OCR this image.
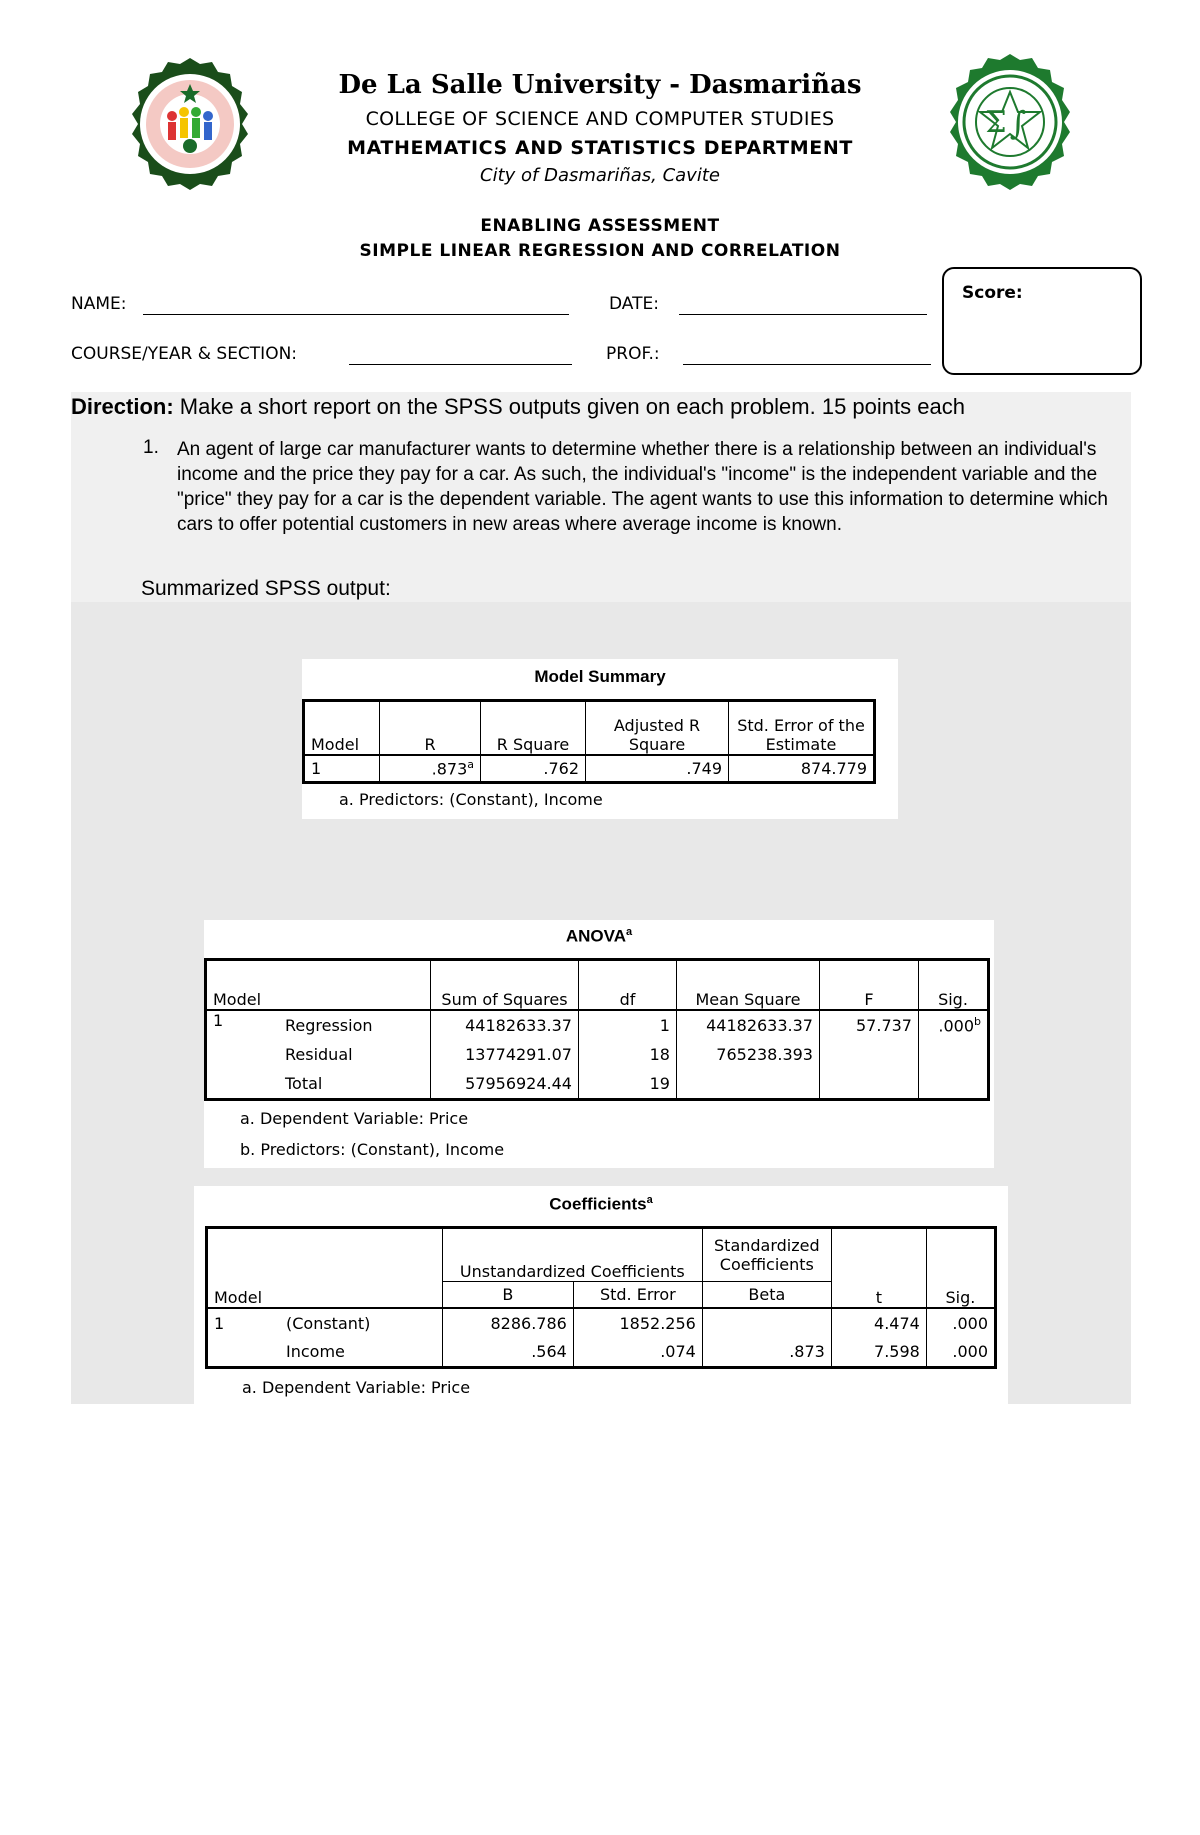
Σ ∫
De La Salle University - Dasmariñas
COLLEGE OF SCIENCE AND COMPUTER STUDIES
MATHEMATICS AND STATISTICS DEPARTMENT
City of Dasmariñas, Cavite
ENABLING ASSESSMENT
SIMPLE LINEAR REGRESSION AND CORRELATION
NAME:	DATE:
COURSE/YEAR & SECTION:	PROF.:
Score:
Direction: Make a short report on the SPSS outputs given on each problem. 15 points each
1. An agent of large car manufacturer wants to determine whether there is a relationship between an individual's income and the price they pay for a car. As such, the individual's "income" is the independent variable and the "price" they pay for a car is the dependent variable. The agent wants to use this information to determine which cars to offer potential customers in new areas where average income is known.
Summarized SPSS output:
Model Summary
Model	R	R Square	Adjusted R Square	Std. Error of the Estimate
1	.873$^a$	.762	.749	874.779
a. Predictors: (Constant), Income
ANOVA$^a$
Model		Sum of Squares	df	Mean Square	F	Sig.
1	Regression	44182633.37	1	44182633.37	57.737	.000$^b$
	Residual	13774291.07	18	765238.393		
	Total	57956924.44	19			
a. Dependent Variable: Price
b. Predictors: (Constant), Income
Coefficients$^a$
Model		Unstandardized Coefficients		Standardized Coefficients	t	Sig.
		B	Std. Error	Beta		
1	(Constant)	8286.786	1852.256		4.474	.000
	Income	.564	.074	.873	7.598	.000
a. Dependent Variable: Price
